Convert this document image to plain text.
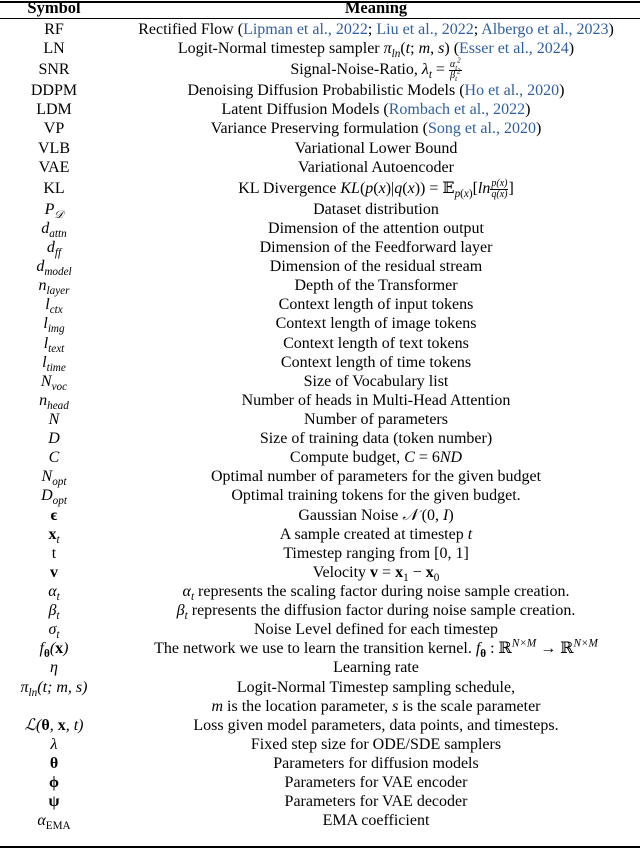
Symbol	Meaning
RF	Rectified Flow (Lipman et al., 2022; Liu et al., 2022; Albergo et al., 2023)
LN	Logit-Normal timestep sampler $\pi_{ln}(t$; m, s) (Esser et al., 2024)
SNR	Signal-Noise-Ratio, $\lambda_t = \frac{\alpha_t^2}{\beta_t^2}$
DDPM	Denoising Diffusion Probabilistic Models (Ho et al., 2020)
LDM	Latent Diffusion Models (Rombach et al., 2022)
VP	Variance Preserving formulation (Song et al., 2020)
VLB	Variational Lower Bound
VAE	Variational Autoencoder
KL	KL Divergence KL(p(x)|q(x)) = 𝔼$_{p(x)}$[ln $\frac{p(x)}{q(x)}$ ]
$P_𝒟$	Dataset distribution
$d_{attn}$	Dimension of the attention output
$d_{ff}$	Dimension of the Feedforward layer
$d_{model}$	Dimension of the residual stream
$n_{layer}$	Depth of the Transformer
$l_{ctx}$	Context length of input tokens
$l_{img}$	Context length of image tokens
$l_{text}$	Context length of text tokens
$l_{time}$	Context length of time tokens
$N_{voc}$	Size of Vocabulary list
$n_{head}$	Number of heads in Multi-Head Attention
N	Number of parameters
D	Size of training data (token number)
C	Compute budget, C = 6ND
$N_{opt}$	Optimal number of parameters for the given budget
$D_{opt}$	Optimal training tokens for the given budget.
ϵ	Gaussian Noise 𝒩 (0, I)
$x_t$	A sample created at timestep t
t	Timestep ranging from [0, 1]
v	Velocity $v = x_1 - x_0$
$\alpha_t$	$\alpha_t$ represents the scaling factor during noise sample creation.
$\beta_t$	$\beta_t$ represents the diffusion factor during noise sample creation.
$\sigma_t$	Noise Level defined for each timestep
$f_\theta(x)$	The network we use to learn the transition kernel. $f_\theta$ : ℝ$^{N\times M}$ → ℝ$^{N\times M}$
η	Learning rate
$\pi_{ln}(t$; m, s)	Logit-Normal Timestep sampling schedule,
m is the location parameter, s is the scale parameter
ℒ(θ, x, t)	Loss given model parameters, data points, and timesteps.
λ	Fixed step size for ODE/SDE samplers
θ	Parameters for diffusion models
ϕ	Parameters for VAE encoder
ψ	Parameters for VAE decoder
$\alpha_{EMA}$	EMA coefficient
